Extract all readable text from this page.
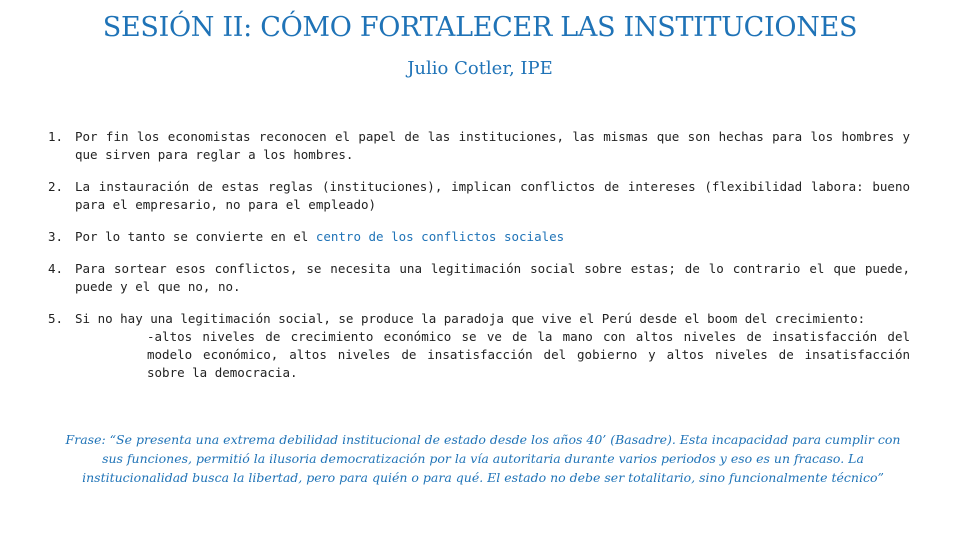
SESIÓN II: CÓMO FORTALECER LAS INSTITUCIONES
Julio Cotler, IPE
1. Por fin los economistas reconocen el papel de las instituciones, las mismas que son hechas para los hombres y que sirven para reglar a los hombres.
2. La instauración de estas reglas (instituciones), implican conflictos de intereses (flexibilidad labora: bueno para el empresario, no para el empleado)
3. Por lo tanto se convierte en el centro de los conflictos sociales
4. Para sortear esos conflictos, se necesita una legitimación social sobre estas; de lo contrario el que puede, puede y el que no, no.
5. Si no hay una legitimación social, se produce la paradoja que vive el Perú desde el boom del crecimiento:
-altos niveles de crecimiento económico se ve de la mano con altos niveles de insatisfacción del modelo económico, altos niveles de insatisfacción del gobierno y altos niveles de insatisfacción sobre la democracia.
Frase: “Se presenta una extrema debilidad institucional de estado desde los años 40’ (Basadre). Esta incapacidad para cumplir con sus funciones, permitió la ilusoria democratización por la vía autoritaria durante varios periodos y eso es un fracaso. La institucionalidad busca la libertad, pero para quién o para qué. El estado no debe ser totalitario, sino funcionalmente técnico”
